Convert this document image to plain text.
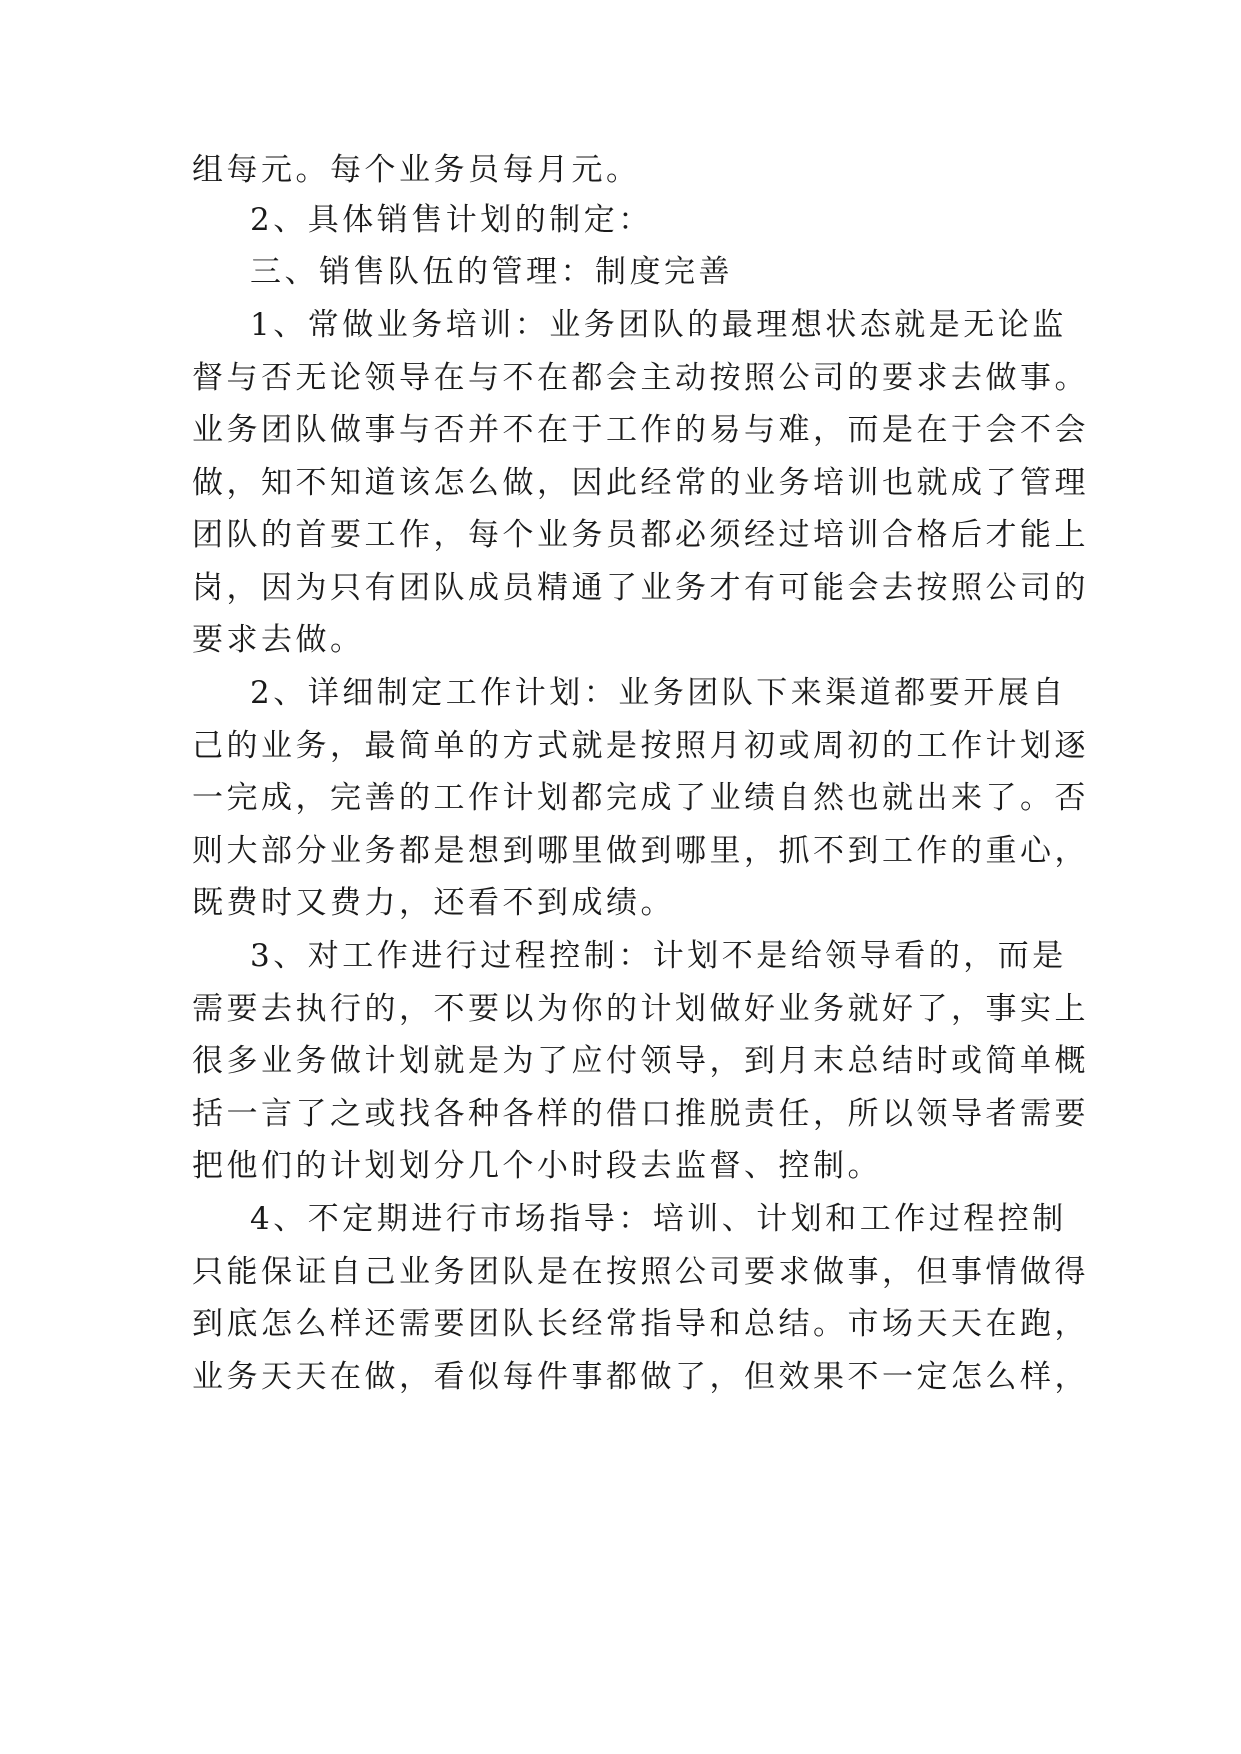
组每元。每个业务员每月元。
2、具体销售计划的制定：
三、销售队伍的管理：制度完善
1、常做业务培训：业务团队的最理想状态就是无论监
督与否无论领导在与不在都会主动按照公司的要求去做事。
业务团队做事与否并不在于工作的易与难，而是在于会不会
做，知不知道该怎么做，因此经常的业务培训也就成了管理
团队的首要工作，每个业务员都必须经过培训合格后才能上
岗，因为只有团队成员精通了业务才有可能会去按照公司的
要求去做。
2、详细制定工作计划：业务团队下来渠道都要开展自
己的业务，最简单的方式就是按照月初或周初的工作计划逐
一完成，完善的工作计划都完成了业绩自然也就出来了。否
则大部分业务都是想到哪里做到哪里，抓不到工作的重心，
既费时又费力，还看不到成绩。
3、对工作进行过程控制：计划不是给领导看的，而是
需要去执行的，不要以为你的计划做好业务就好了，事实上
很多业务做计划就是为了应付领导，到月末总结时或简单概
括一言了之或找各种各样的借口推脱责任，所以领导者需要
把他们的计划划分几个小时段去监督、控制。
4、不定期进行市场指导：培训、计划和工作过程控制
只能保证自己业务团队是在按照公司要求做事，但事情做得
到底怎么样还需要团队长经常指导和总结。市场天天在跑，
业务天天在做，看似每件事都做了，但效果不一定怎么样，
